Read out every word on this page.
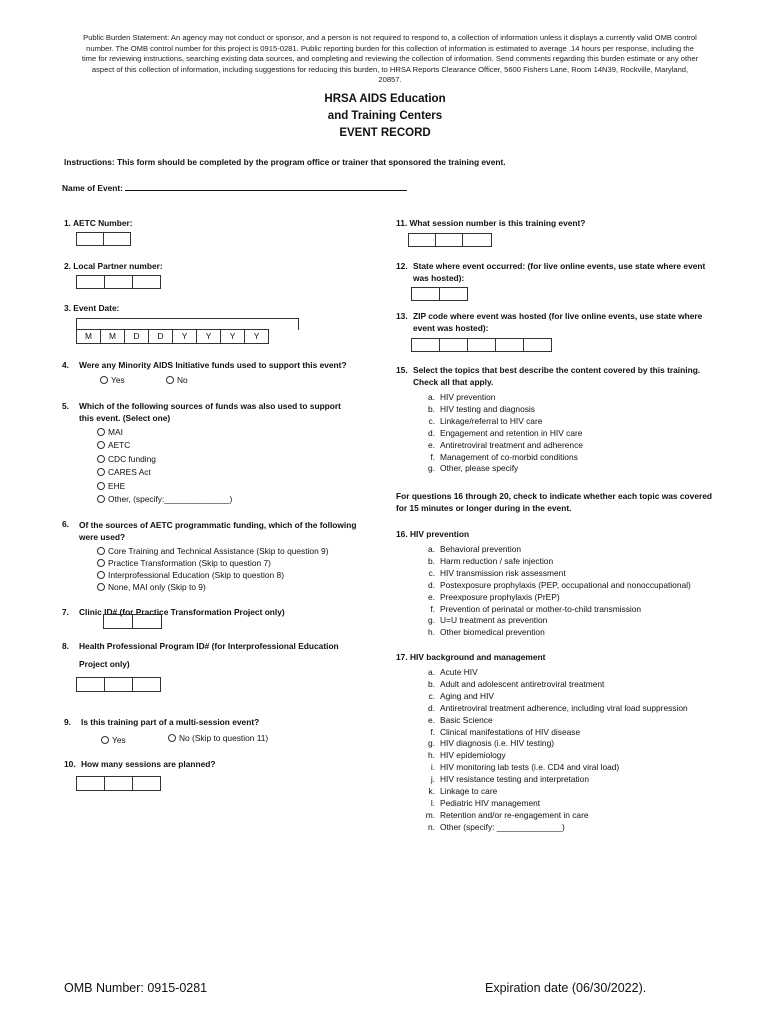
Public Burden Statement: An agency may not conduct or sponsor, and a person is not required to respond to, a collection of information unless it displays a currently valid OMB control number. The OMB control number for this project is 0915-0281. Public reporting burden for this collection of information is estimated to average .14 hours per response, including the time for reviewing instructions, searching existing data sources, and completing and reviewing the collection of information. Send comments regarding this burden estimate or any other aspect of this collection of information, including suggestions for reducing this burden, to HRSA Reports Clearance Officer, 5600 Fishers Lane, Room 14N39, Rockville, Maryland, 20857.
HRSA AIDS Education
and Training Centers
EVENT RECORD
Instructions: This form should be completed by the program office or trainer that sponsored the training event.
Name of Event:
1. AETC Number:
2. Local Partner number:
3. Event Date:
M	M	D	D	Y	Y	Y	Y
4. Were any Minority AIDS Initiative funds used to support this event?
Yes	No
5. Which of the following sources of funds was also used to support this event. (Select one)
MAI
AETC
CDC funding
CARES Act
EHE
Other, (specify:______________)
6. Of the sources of AETC programmatic funding, which of the following were used?
Core Training and Technical Assistance (Skip to question 9)
Practice Transformation (Skip to question 7)
Interprofessional Education (Skip to question 8)
None, MAI only (Skip to 9)
7. Clinic ID# (for Practice Transformation Project only)
8. Health Professional Program ID# (for Interprofessional Education
Project only)
9. Is this training part of a multi-session event?
Yes	No (Skip to question 11)
10. How many sessions are planned?
11. What session number is this training event?
12. State where event occurred: (for live online events, use state where event was hosted):
13. ZIP code where event was hosted (for live online events, use state where event was hosted):
15. Select the topics that best describe the content covered by this training. Check all that apply.
a. HIV prevention
b. HIV testing and diagnosis
c. Linkage/referral to HIV care
d. Engagement and retention in HIV care
e. Antiretroviral treatment and adherence
f. Management of co-morbid conditions
g. Other, please specify
For questions 16 through 20, check to indicate whether each topic was covered for 15 minutes or longer during in the event.
16. HIV prevention
a. Behavioral prevention
b. Harm reduction / safe injection
c. HIV transmission risk assessment
d. Postexposure prophylaxis (PEP, occupational and nonoccupational)
e. Preexposure prophylaxis (PrEP)
f. Prevention of perinatal or mother-to-child transmission
g. U=U treatment as prevention
h. Other biomedical prevention
17. HIV background and management
a. Acute HIV
b. Adult and adolescent antiretroviral treatment
c. Aging and HIV
d. Antiretroviral treatment adherence, including viral load suppression
e. Basic Science
f. Clinical manifestations of HIV disease
g. HIV diagnosis (i.e. HIV testing)
h. HIV epidemiology
i. HIV monitoring lab tests (i.e. CD4 and viral load)
j. HIV resistance testing and interpretation
k. Linkage to care
l. Pediatric HIV management
m. Retention and/or re-engagement in care
n. Other (specify: ______________)
OMB Number: 0915-0281	Expiration date (06/30/2022).
